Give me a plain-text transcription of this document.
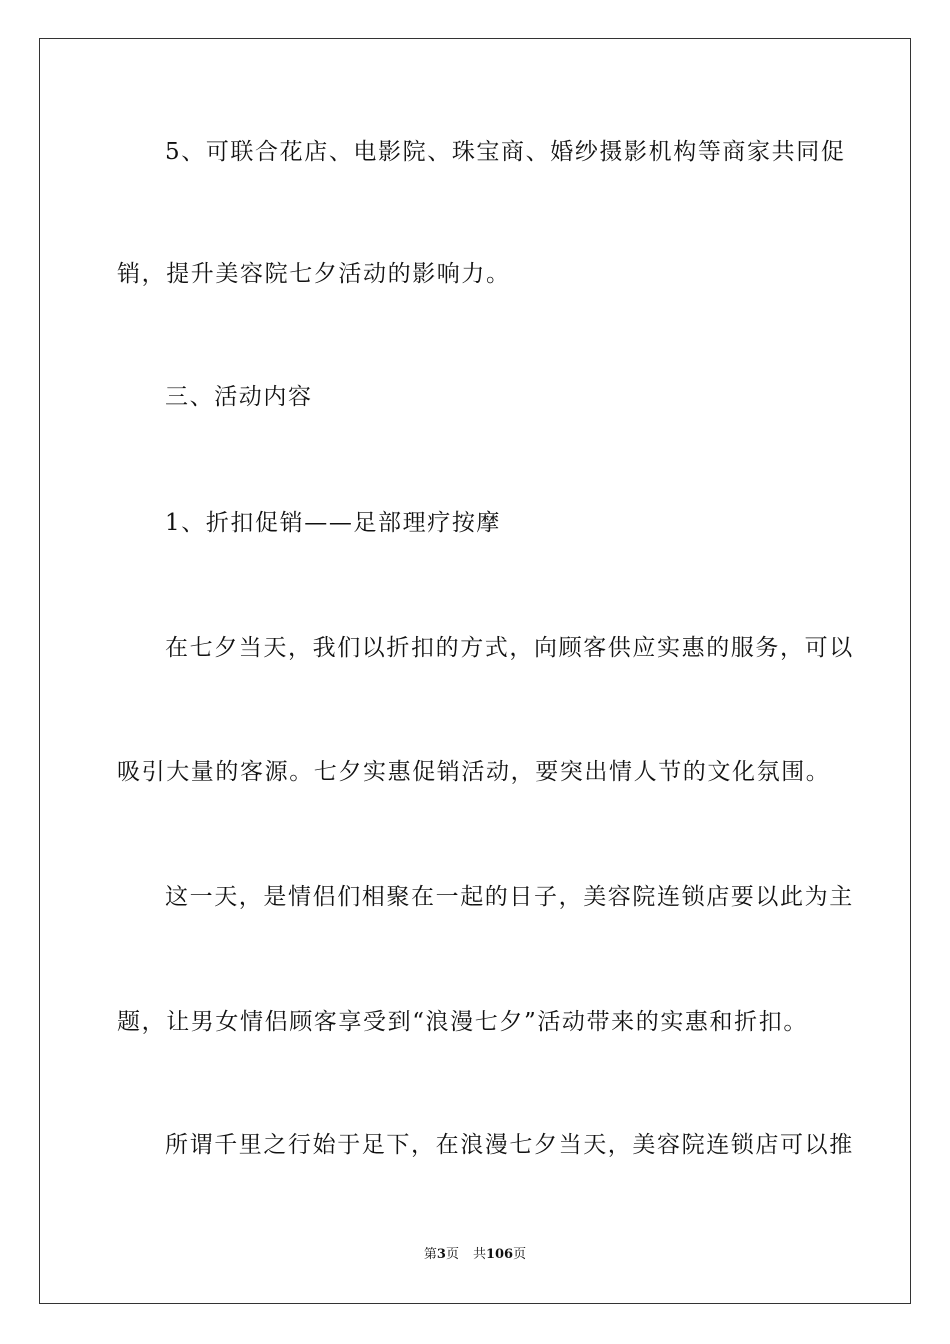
5、可联合花店、电影院、珠宝商、婚纱摄影机构等商家共同促
销，提升美容院七夕活动的影响力。
三、活动内容
1、折扣促销——足部理疗按摩
在七夕当天，我们以折扣的方式，向顾客供应实惠的服务，可以
吸引大量的客源。七夕实惠促销活动，要突出情人节的文化氛围。
这一天，是情侣们相聚在一起的日子，美容院连锁店要以此为主
题，让男女情侣顾客享受到“浪漫七夕”活动带来的实惠和折扣。
所谓千里之行始于足下，在浪漫七夕当天，美容院连锁店可以推
第3页 共106页
